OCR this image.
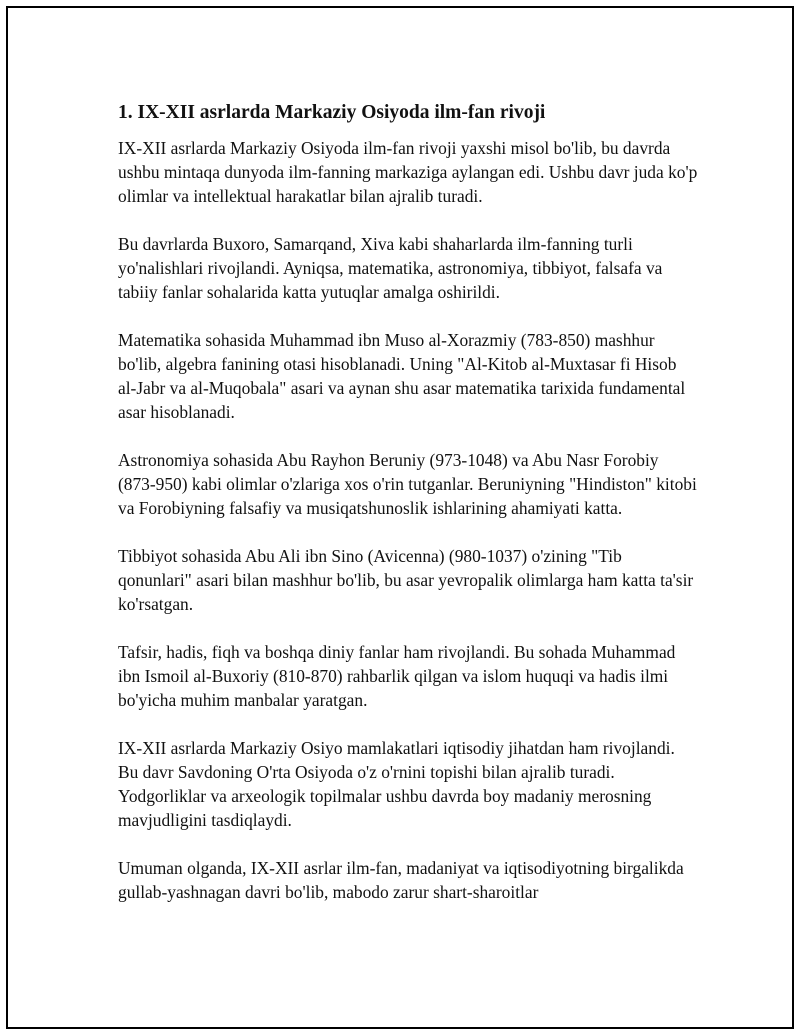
1. IX-XII asrlarda Markaziy Osiyoda ilm-fan rivoji

IX-XII asrlarda Markaziy Osiyoda ilm-fan rivoji yaxshi misol bo'lib, bu davrda ushbu mintaqa dunyoda ilm-fanning markaziga aylangan edi. Ushbu davr juda ko'p olimlar va intellektual harakatlar bilan ajralib turadi.

Bu davrlarda Buxoro, Samarqand, Xiva kabi shaharlarda ilm-fanning turli yo'nalishlari rivojlandi. Ayniqsa, matematika, astronomiya, tibbiyot, falsafa va tabiiy fanlar sohalarida katta yutuqlar amalga oshirildi.

Matematika sohasida Muhammad ibn Muso al-Xorazmiy (783-850) mashhur bo'lib, algebra fanining otasi hisoblanadi. Uning "Al-Kitob al-Muxtasar fi Hisob al-Jabr va al-Muqobala" asari va aynan shu asar matematika tarixida fundamental asar hisoblanadi.

Astronomiya sohasida Abu Rayhon Beruniy (973-1048) va Abu Nasr Forobiy (873-950) kabi olimlar o'zlariga xos o'rin tutganlar. Beruniyning "Hindiston" kitobi va Forobiyning falsafiy va musiqatshunoslik ishlarining ahamiyati katta.

Tibbiyot sohasida Abu Ali ibn Sino (Avicenna) (980-1037) o'zining "Tib qonunlari" asari bilan mashhur bo'lib, bu asar yevropalik olimlarga ham katta ta'sir ko'rsatgan.

Tafsir, hadis, fiqh va boshqa diniy fanlar ham rivojlandi. Bu sohada Muhammad ibn Ismoil al-Buxoriy (810-870) rahbarlik qilgan va islom huquqi va hadis ilmi bo'yicha muhim manbalar yaratgan.

IX-XII asrlarda Markaziy Osiyo mamlakatlari iqtisodiy jihatdan ham rivojlandi. Bu davr Savdoning O'rta Osiyoda o'z o'rnini topishi bilan ajralib turadi. Yodgorliklar va arxeologik topilmalar ushbu davrda boy madaniy merosning mavjudligini tasdiqlaydi.

Umuman olganda, IX-XII asrlar ilm-fan, madaniyat va iqtisodiyotning birgalikda gullab-yashnagan davri bo'lib, mabodo zarur shart-sharoitlar
